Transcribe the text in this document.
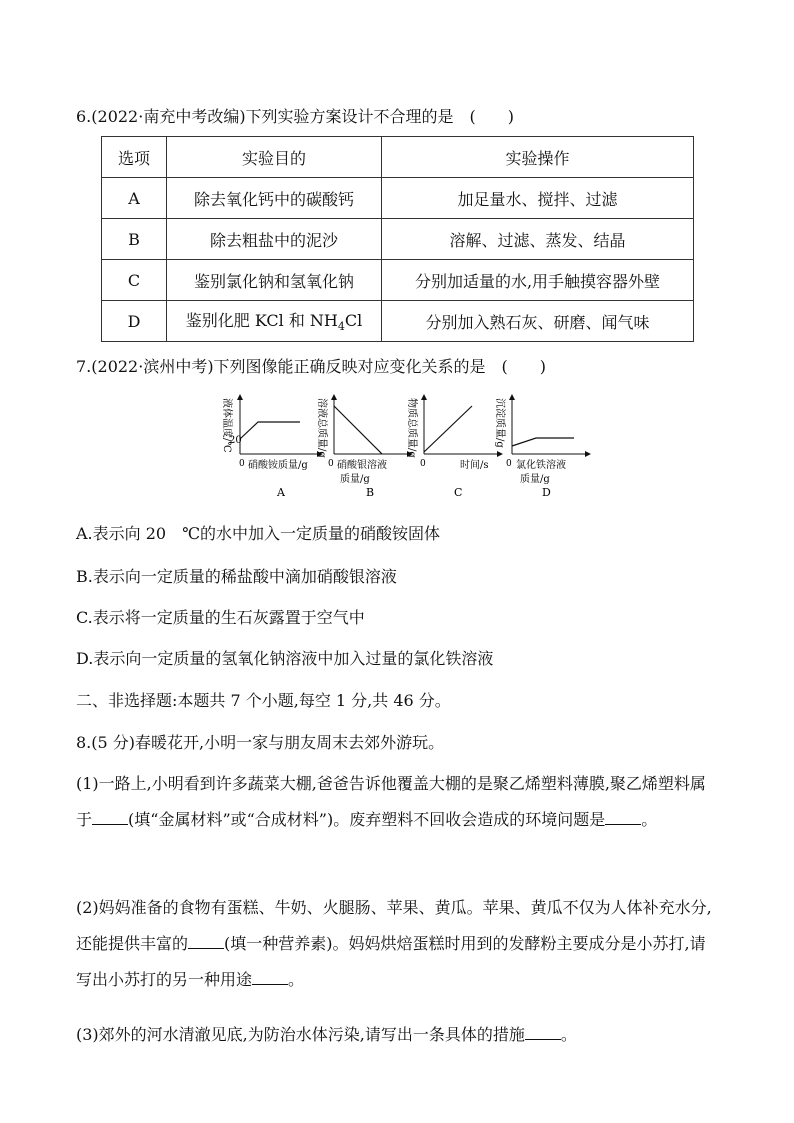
6.(2022·南充中考改编)下列实验方案设计不合理的是　(　　)
选项	实验目的	实验操作
A	除去氧化钙中的碳酸钙	加足量水、搅拌、过滤
B	除去粗盐中的泥沙	溶解、过滤、蒸发、结晶
C	鉴别氯化钠和氢氧化钠	分别加适量的水,用手触摸容器外壁
D	鉴别化肥 KCl 和 $NH_4Cl$	分别加入熟石灰、研磨、闻气味
7.(2022·滨州中考)下列图像能正确反映对应变化关系的是　(　　)
液体温度/℃
20
0 硝酸铵质量/g
A
溶液总质量/g
0 硝酸银溶液
质量/g
B
物质总质量/g
0	时间/s
C
沉淀质量/g
0 氯化铁溶液
质量/g
D
A.表示向 20　℃的水中加入一定质量的硝酸铵固体
B.表示向一定质量的稀盐酸中滴加硝酸银溶液
C.表示将一定质量的生石灰露置于空气中
D.表示向一定质量的氢氧化钠溶液中加入过量的氯化铁溶液
二、非选择题:本题共 7 个小题,每空 1 分,共 46 分。
8.(5 分)春暖花开,小明一家与朋友周末去郊外游玩。
(1)一路上,小明看到许多蔬菜大棚,爸爸告诉他覆盖大棚的是聚乙烯塑料薄膜,聚乙烯塑料属于 (填“金属材料”或“合成材料”)。废弃塑料不回收会造成的环境问题是 。
(2)妈妈准备的食物有蛋糕、牛奶、火腿肠、苹果、黄瓜。苹果、黄瓜不仅为人体补充水分,还能提供丰富的 (填一种营养素)。妈妈烘焙蛋糕时用到的发酵粉主要成分是小苏打,请写出小苏打的另一种用途 。
(3)郊外的河水清澈见底,为防治水体污染,请写出一条具体的措施 。
